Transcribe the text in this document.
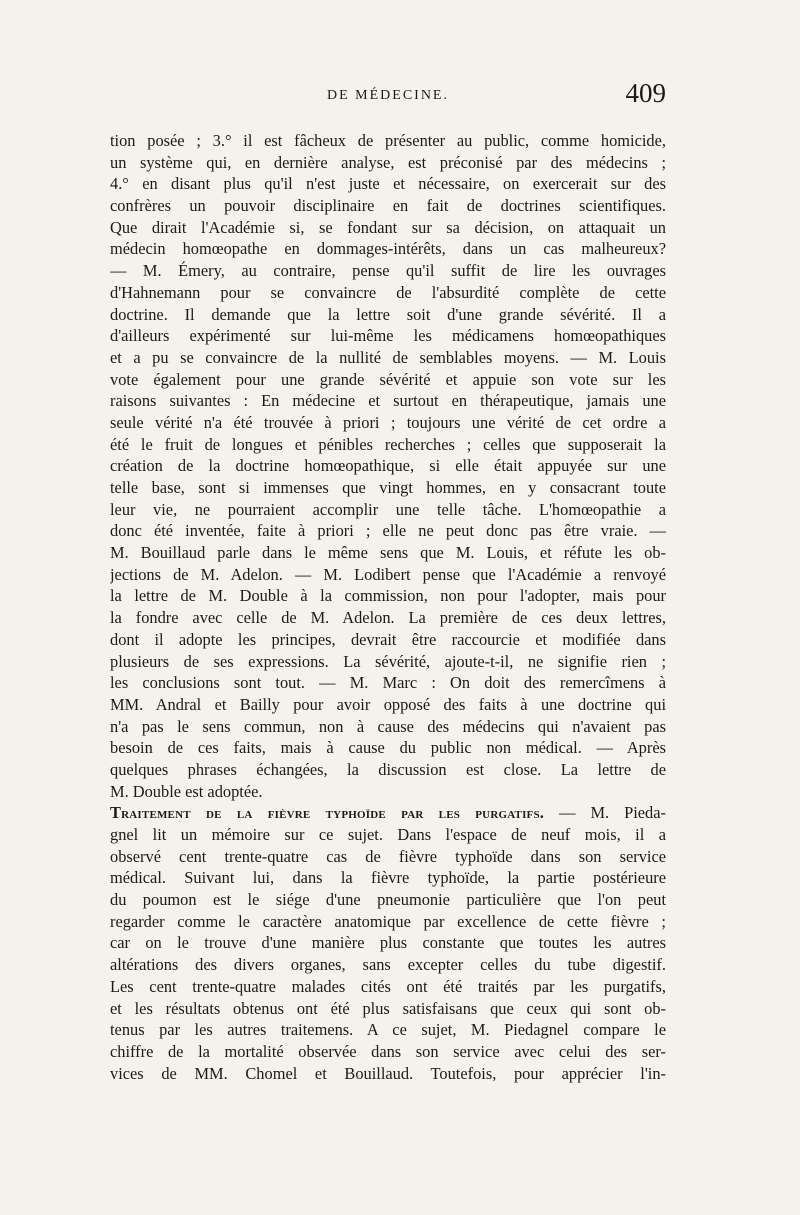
DE MÉDECINE.	409
tion posée ; 3.° il est fâcheux de présenter au public, comme homicide,
un système qui, en dernière analyse, est préconisé par des médecins ;
4.° en disant plus qu'il n'est juste et nécessaire, on exercerait sur des
confrères un pouvoir disciplinaire en fait de doctrines scientifiques.
Que dirait l'Académie si, se fondant sur sa décision, on attaquait un
médecin homœopathe en dommages-intérêts, dans un cas malheureux?
— M. Émery, au contraire, pense qu'il suffit de lire les ouvrages
d'Hahnemann pour se convaincre de l'absurdité complète de cette
doctrine. Il demande que la lettre soit d'une grande sévérité. Il a
d'ailleurs expérimenté sur lui-même les médicamens homœopathiques
et a pu se convaincre de la nullité de semblables moyens. — M. Louis
vote également pour une grande sévérité et appuie son vote sur les
raisons suivantes : En médecine et surtout en thérapeutique, jamais une
seule vérité n'a été trouvée à priori ; toujours une vérité de cet ordre a
été le fruit de longues et pénibles recherches ; celles que supposerait la
création de la doctrine homœopathique, si elle était appuyée sur une
telle base, sont si immenses que vingt hommes, en y consacrant toute
leur vie, ne pourraient accomplir une telle tâche. L'homœopathie a
donc été inventée, faite à priori ; elle ne peut donc pas être vraie. —
M. Bouillaud parle dans le même sens que M. Louis, et réfute les ob-
jections de M. Adelon. — M. Lodibert pense que l'Académie a renvoyé
la lettre de M. Double à la commission, non pour l'adopter, mais pour
la fondre avec celle de M. Adelon. La première de ces deux lettres,
dont il adopte les principes, devrait être raccourcie et modifiée dans
plusieurs de ses expressions. La sévérité, ajoute-t-il, ne signifie rien ;
les conclusions sont tout. — M. Marc : On doit des remercîmens à
MM. Andral et Bailly pour avoir opposé des faits à une doctrine qui
n'a pas le sens commun, non à cause des médecins qui n'avaient pas
besoin de ces faits, mais à cause du public non médical. — Après
quelques phrases échangées, la discussion est close. La lettre de
M. Double est adoptée.
Traitement de la fièvre typhoïde par les purgatifs. — M. Pieda-
gnel lit un mémoire sur ce sujet. Dans l'espace de neuf mois, il a
observé cent trente-quatre cas de fièvre typhoïde dans son service
médical. Suivant lui, dans la fièvre typhoïde, la partie postérieure
du poumon est le siége d'une pneumonie particulière que l'on peut
regarder comme le caractère anatomique par excellence de cette fièvre ;
car on le trouve d'une manière plus constante que toutes les autres
altérations des divers organes, sans excepter celles du tube digestif.
Les cent trente-quatre malades cités ont été traités par les purgatifs,
et les résultats obtenus ont été plus satisfaisans que ceux qui sont ob-
tenus par les autres traitemens. A ce sujet, M. Piedagnel compare le
chiffre de la mortalité observée dans son service avec celui des ser-
vices de MM. Chomel et Bouillaud. Toutefois, pour apprécier l'in-
